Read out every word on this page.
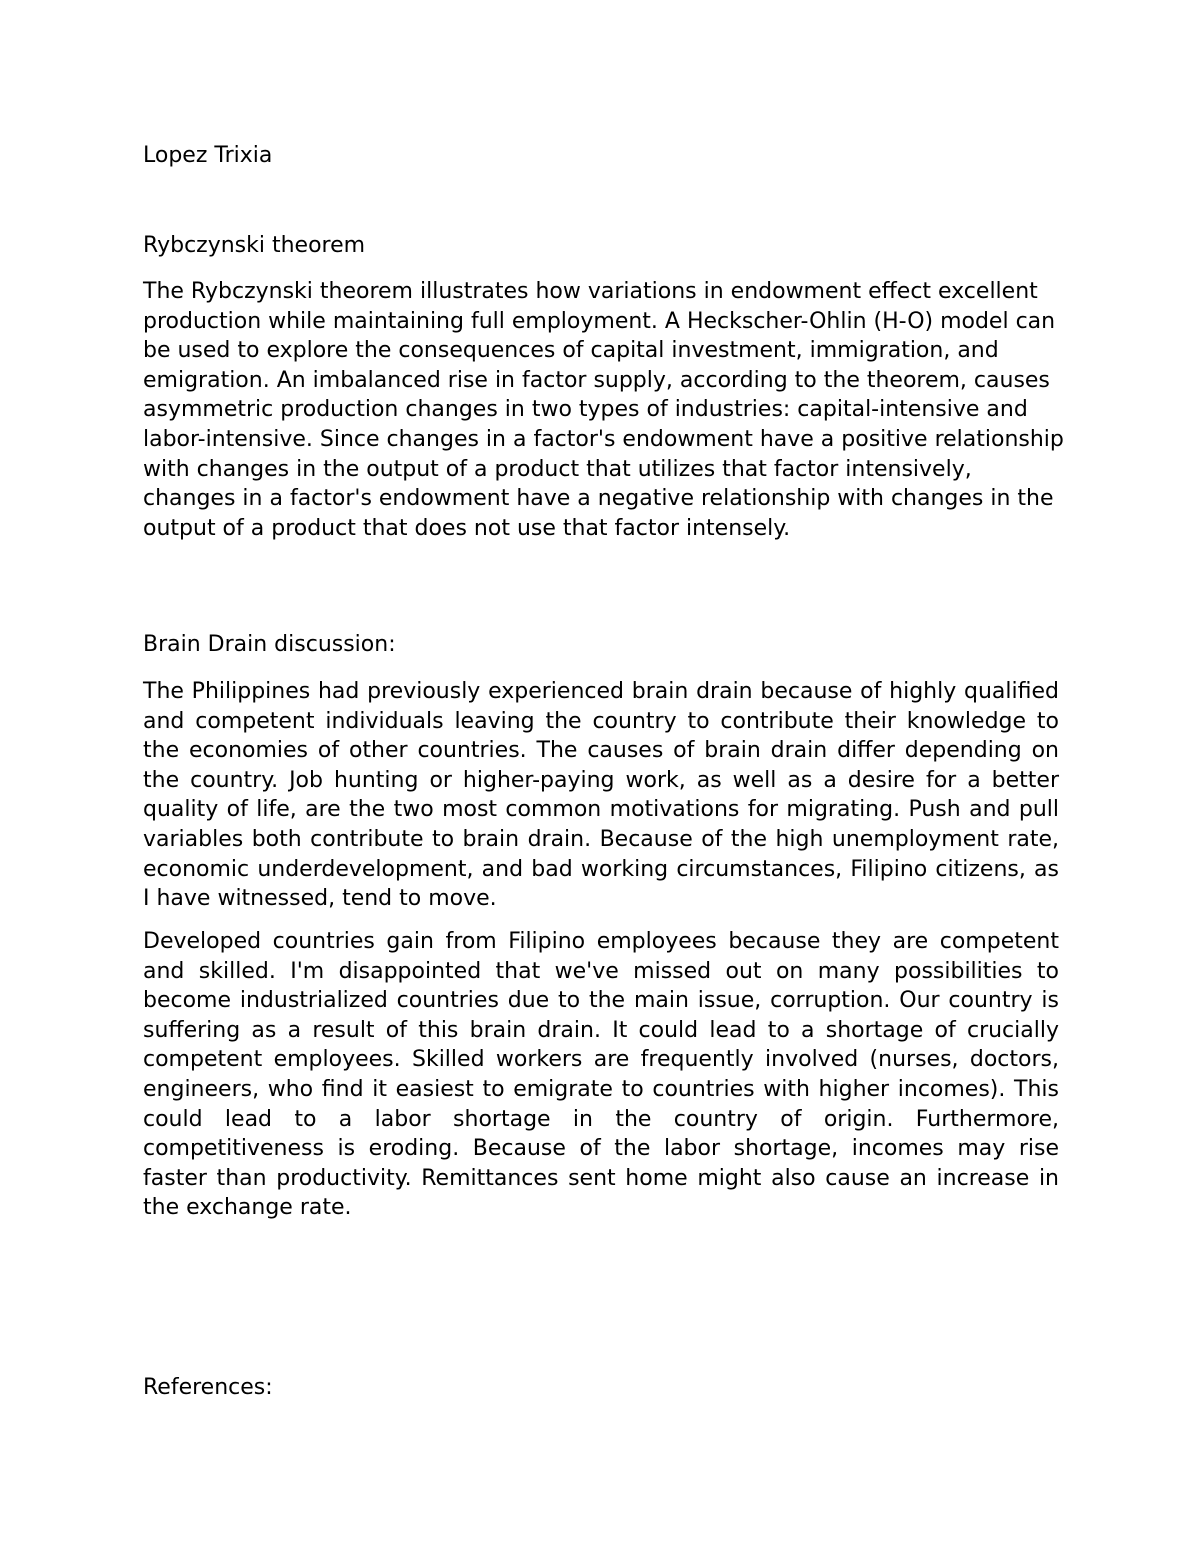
Lopez Trixia

Rybczynski theorem

The Rybczynski theorem illustrates how variations in endowment effect excellent production while maintaining full employment. A Heckscher-Ohlin (H-O) model can be used to explore the consequences of capital investment, immigration, and emigration. An imbalanced rise in factor supply, according to the theorem, causes asymmetric production changes in two types of industries: capital-intensive and labor-intensive. Since changes in a factor's endowment have a positive relationship with changes in the output of a product that utilizes that factor intensively, changes in a factor's endowment have a negative relationship with changes in the output of a product that does not use that factor intensely.

Brain Drain discussion:

The Philippines had previously experienced brain drain because of highly qualified and competent individuals leaving the country to contribute their knowledge to the economies of other countries. The causes of brain drain differ depending on the country. Job hunting or higher-paying work, as well as a desire for a better quality of life, are the two most common motivations for migrating. Push and pull variables both contribute to brain drain. Because of the high unemployment rate, economic underdevelopment, and bad working circumstances, Filipino citizens, as I have witnessed, tend to move.

Developed countries gain from Filipino employees because they are competent and skilled. I'm disappointed that we've missed out on many possibilities to become industrialized countries due to the main issue, corruption. Our country is suffering as a result of this brain drain. It could lead to a shortage of crucially competent employees. Skilled workers are frequently involved (nurses, doctors, engineers, who find it easiest to emigrate to countries with higher incomes). This could lead to a labor shortage in the country of origin. Furthermore, competitiveness is eroding. Because of the labor shortage, incomes may rise faster than productivity. Remittances sent home might also cause an increase in the exchange rate.

References:
